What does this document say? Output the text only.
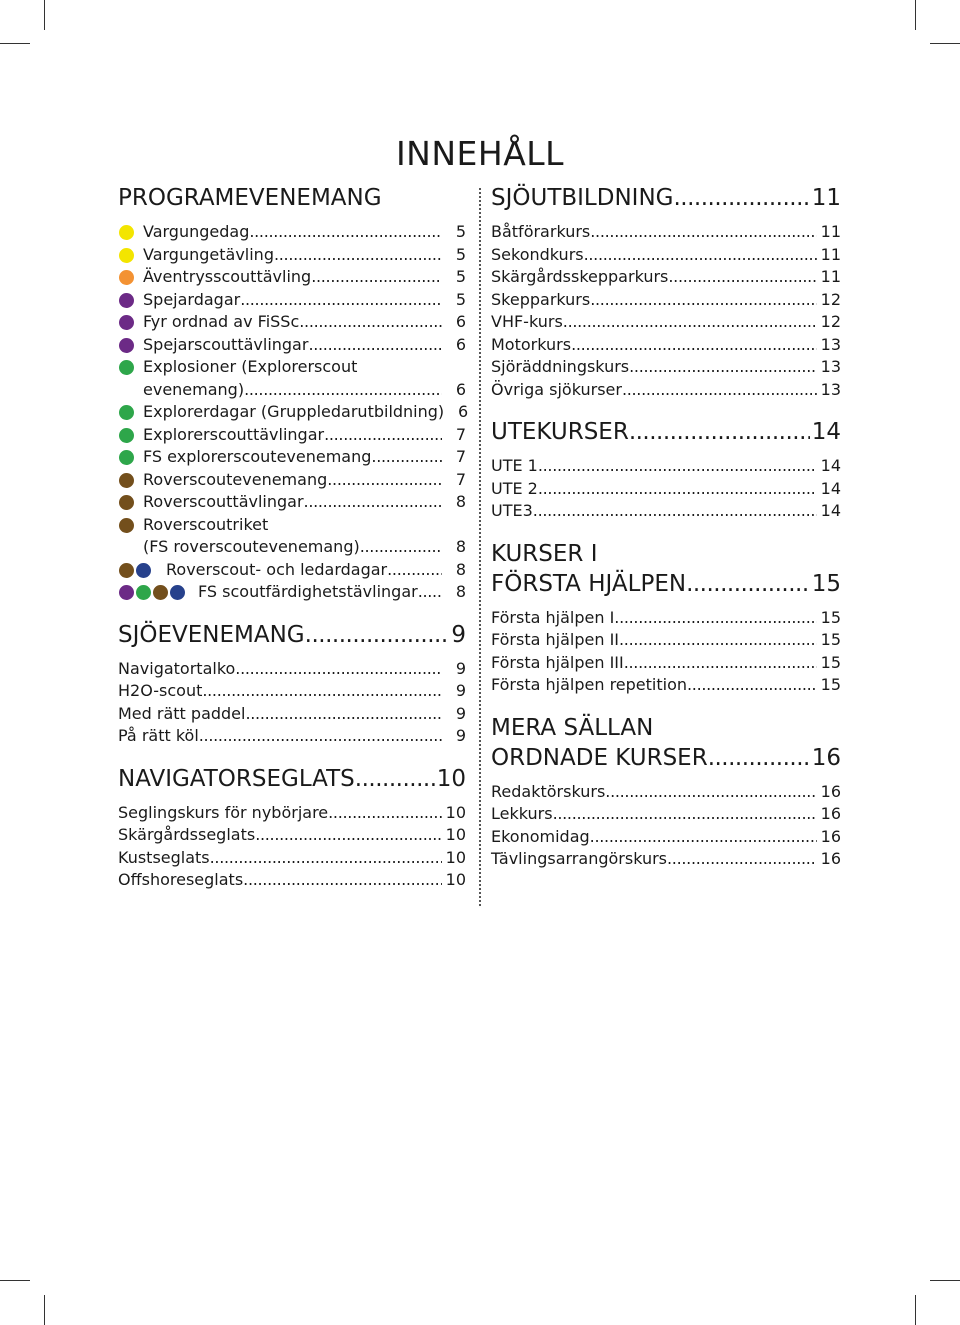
INNEHÅLL
PROGRAMEVENEMANG
Vargungedag .....	5
Vargungetävling .....	5
Äventrysscouttävling .....	5
Spejardagar .....	5
Fyr ordnad av FiSSc .....	6
Spejarscouttävlingar .....	6
Explosioner (Explorerscout
evenemang) .....	6
Explorerdagar (Gruppledarutbildning) 6
Explorerscouttävlingar .....	7
FS explorerscoutevenemang .....	7
Roverscoutevenemang .....	7
Roverscouttävlingar .....	8
Roverscoutriket
(FS roverscoutevenemang) .....	8
Roverscout- och ledardagar .....	8
FS scoutfärdighetstävlingar .....	8
SJÖEVENEMANG .....	9
Navigatortalko .....	9
H2O-scout .....	9
Med rätt paddel .....	9
På rätt köl .....	9
NAVIGATORSEGLATS .....	10
Seglingskurs för nybörjare .....	10
Skärgårdsseglats .....	10
Kustseglats .....	10
Offshoreseglats .....	10
SJÖUTBILDNING .....	11
Båtförarkurs .....	11
Sekondkurs .....	11
Skärgårdsskepparkurs .....	11
Skepparkurs .....	12
VHF-kurs .....	12
Motorkurs .....	13
Sjöräddningskurs .....	13
Övriga sjökurser .....	13
UTEKURSER .....	14
UTE 1 .....	14
UTE 2 .....	14
UTE3 .....	14
KURSER I
FÖRSTA HJÄLPEN .....	15
Första hjälpen I .....	15
Första hjälpen II .....	15
Första hjälpen III .....	15
Första hjälpen repetition .....	15
MERA SÄLLAN
ORDNADE KURSER .....	16
Redaktörskurs .....	16
Lekkurs .....	16
Ekonomidag .....	16
Tävlingsarrangörskurs .....	16
